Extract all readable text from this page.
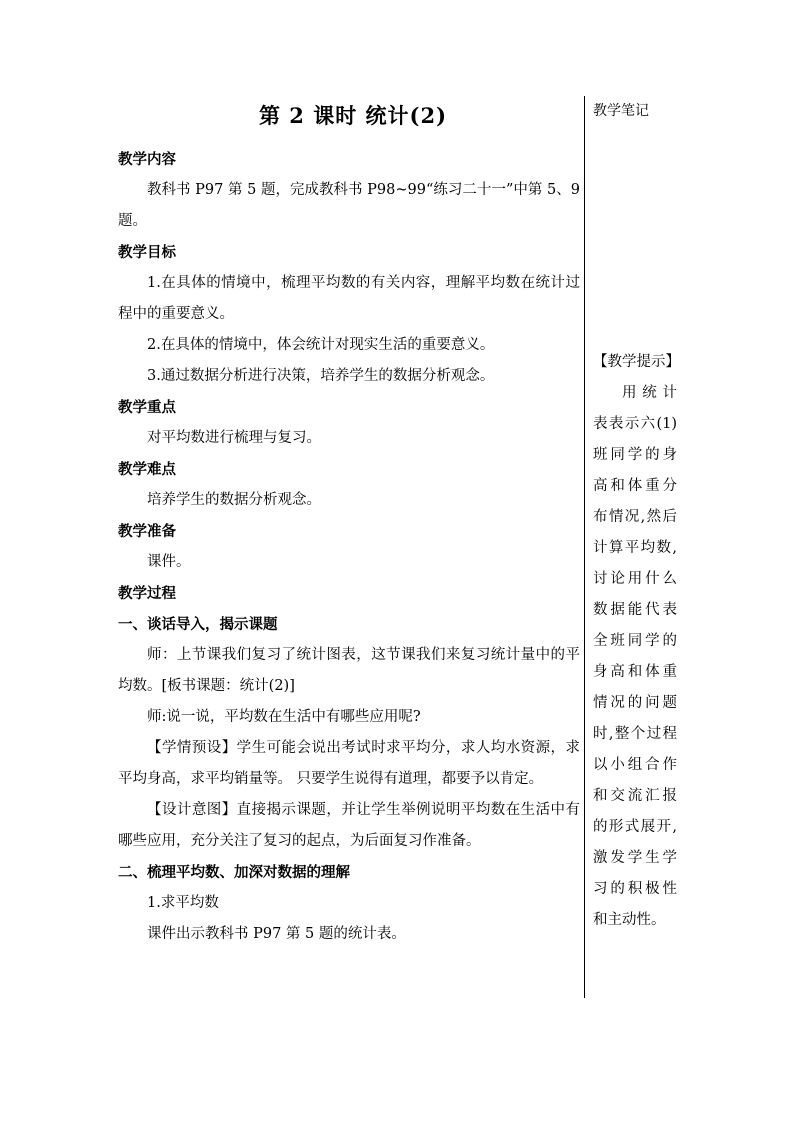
第 2 课时 统计(2)

教学内容

教科书 P97 第 5 题，完成教科书 P98~99“练习二十一”中第 5、9 题。

教学目标

1.在具体的情境中，梳理平均数的有关内容，理解平均数在统计过程中的重要意义。

2.在具体的情境中，体会统计对现实生活的重要意义。

3.通过数据分析进行决策，培养学生的数据分析观念。

教学重点

对平均数进行梳理与复习。

教学难点

培养学生的数据分析观念。

教学准备

课件。

教学过程

一、谈话导入，揭示课题

师：上节课我们复习了统计图表，这节课我们来复习统计量中的平均数。[板书课题：统计(2)]

师:说一说，平均数在生活中有哪些应用呢?

【学情预设】学生可能会说出考试时求平均分，求人均水资源，求平均身高，求平均销量等。 只要学生说得有道理，都要予以肯定。

【设计意图】直接揭示课题，并让学生举例说明平均数在生活中有哪些应用，充分关注了复习的起点，为后面复习作准备。

二、梳理平均数、加深对数据的理解

1.求平均数

课件出示教科书 P97 第 5 题的统计表。

教学笔记

【教学提示】

用统计表表示六(1)班同学的身高和体重分布情况,然后计算平均数,讨论用什么数据能代表全班同学的身高和体重情况的问题时,整个过程以小组合作和交流汇报的形式展开,激发学生学习的积极性和主动性。
